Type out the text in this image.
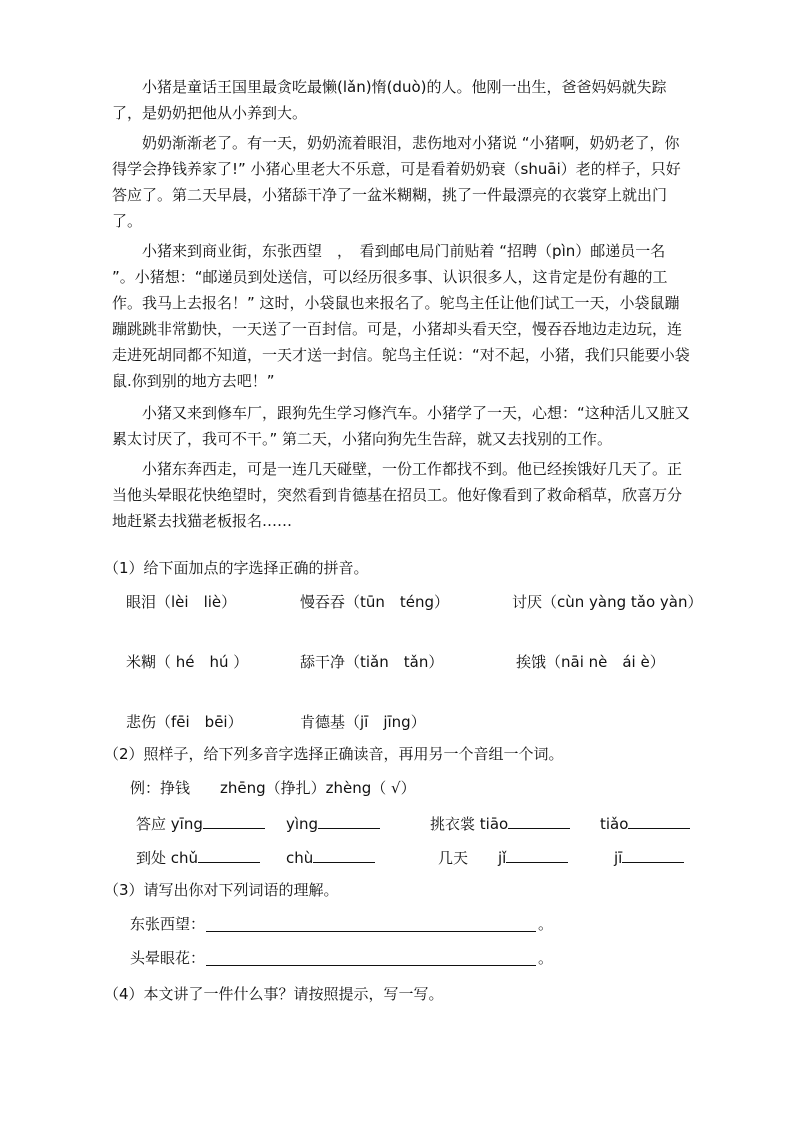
　　小猪是童话王国里最贪吃最懒(lǎn)惰(duò)的人。他刚一出生，爸爸妈妈就失踪了，是奶奶把他从小养到大。

　　奶奶渐渐老了。有一天，奶奶流着眼泪，悲伤地对小猪说 “小猪啊，奶奶老了，你得学会挣钱养家了!” 小猪心里老大不乐意，可是看着奶奶衰（shuāi）老的样子，只好答应了。第二天早晨，小猪舔干净了一盆米糊糊，挑了一件最漂亮的衣裳穿上就出门了。

　　小猪来到商业街，东张西望　，　看到邮电局门前贴着 “招聘（pìn）邮递员一名 ”。小猪想：“邮递员到处送信，可以经历很多事、认识很多人，这肯定是份有趣的工作。我马上去报名！” 这时，小袋鼠也来报名了。鸵鸟主任让他们试工一天，小袋鼠蹦蹦跳跳非常勤快，一天送了一百封信。可是，小猪却头看天空，慢吞吞地边走边玩，连走进死胡同都不知道，一天才送一封信。鸵鸟主任说：“对不起，小猪，我们只能要小袋鼠.你到别的地方去吧！”

　　小猪又来到修车厂，跟狗先生学习修汽车。小猪学了一天，心想：“这种活儿又脏又累太讨厌了，我可不干。” 第二天，小猪向狗先生告辞，就又去找别的工作。

　　小猪东奔西走，可是一连几天碰壁，一份工作都找不到。他已经挨饿好几天了。正当他头晕眼花快绝望时，突然看到肯德基在招员工。他好像看到了救命稻草，欣喜万分地赶紧去找猫老板报名……

（1）给下面加点的字选择正确的拼音。
眼泪（lèi　liè）	慢吞吞（tūn　téng）	讨厌（cùn yàng tǎo yàn）
米糊（ hé　hú ）	舔干净（tiǎn　tǎn）	挨饿（nāi nè　ái è）
悲伤（fēi　bēi）	肯德基（jī　jīng）
（2）照样子，给下列多音字选择正确读音，再用另一个音组一个词。
例：挣钱　　zhēng（挣扎）zhèng（ √）
答应 yīng	yìng	挑衣裳 tiāo	tiǎo
到处 chǔ	chù	几天　　jǐ	jī
（3）请写出你对下列词语的理解。
东张西望：	。
头晕眼花：	。
（4）本文讲了一件什么事？请按照提示，写一写。
